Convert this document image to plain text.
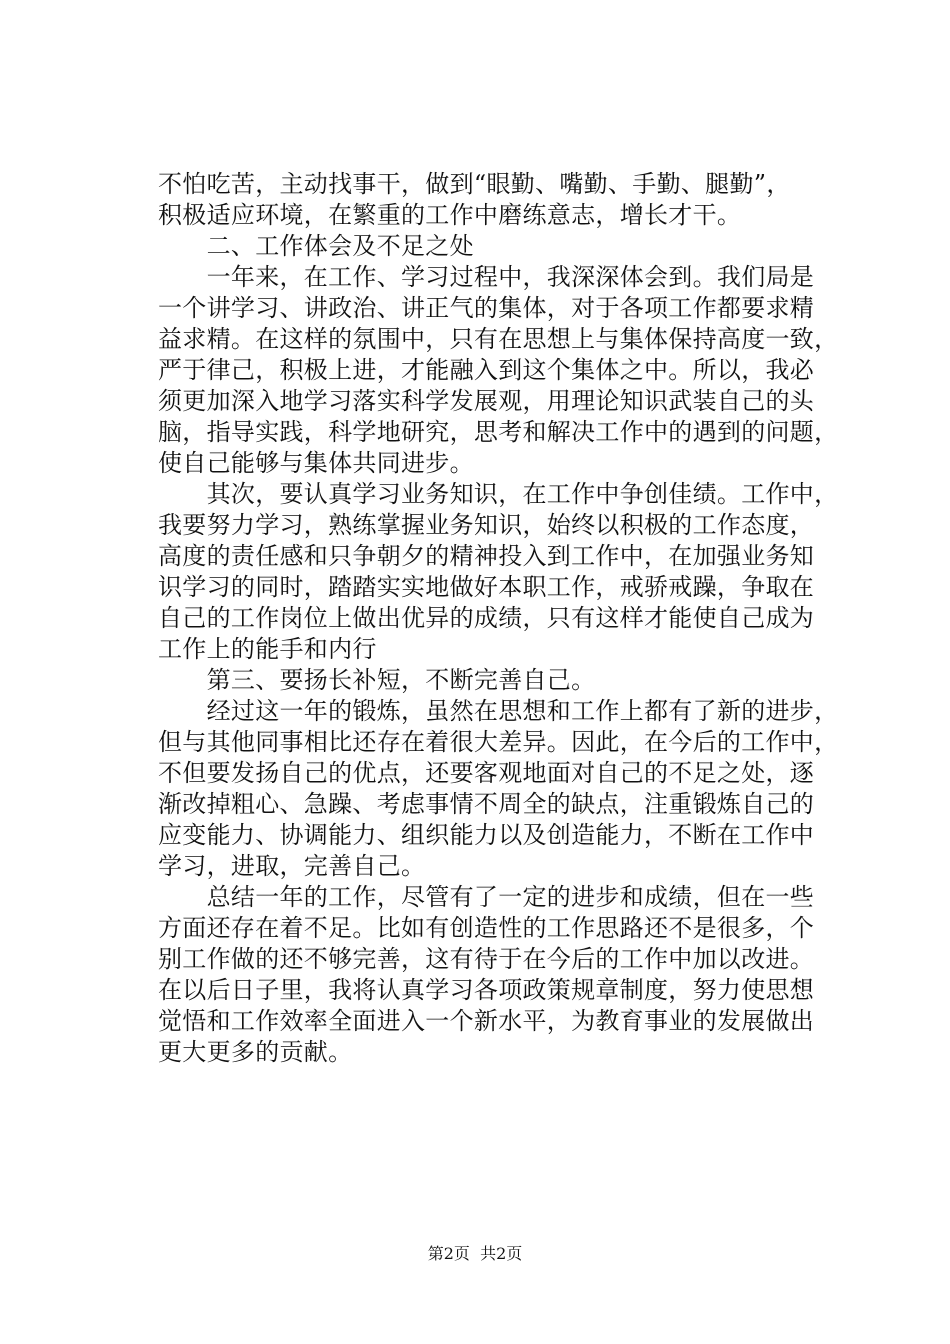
不怕吃苦，主动找事干，做到“眼勤、嘴勤、手勤、腿勤”，
积极适应环境，在繁重的工作中磨练意志，增长才干。
　　二、工作体会及不足之处
　　一年来，在工作、学习过程中，我深深体会到。我们局是
一个讲学习、讲政治、讲正气的集体，对于各项工作都要求精
益求精。在这样的氛围中，只有在思想上与集体保持高度一致，
严于律己，积极上进，才能融入到这个集体之中。所以，我必
须更加深入地学习落实科学发展观，用理论知识武装自己的头
脑，指导实践，科学地研究，思考和解决工作中的遇到的问题，
使自己能够与集体共同进步。
　　其次，要认真学习业务知识，在工作中争创佳绩。工作中，
我要努力学习，熟练掌握业务知识，始终以积极的工作态度，
高度的责任感和只争朝夕的精神投入到工作中，在加强业务知
识学习的同时，踏踏实实地做好本职工作，戒骄戒躁，争取在
自己的工作岗位上做出优异的成绩，只有这样才能使自己成为
工作上的能手和内行
　　第三、要扬长补短，不断完善自己。
　　经过这一年的锻炼，虽然在思想和工作上都有了新的进步，
但与其他同事相比还存在着很大差异。因此，在今后的工作中，
不但要发扬自己的优点，还要客观地面对自己的不足之处，逐
渐改掉粗心、急躁、考虑事情不周全的缺点，注重锻炼自己的
应变能力、协调能力、组织能力以及创造能力，不断在工作中
学习，进取，完善自己。
　　总结一年的工作，尽管有了一定的进步和成绩，但在一些
方面还存在着不足。比如有创造性的工作思路还不是很多，个
别工作做的还不够完善，这有待于在今后的工作中加以改进。
在以后日子里，我将认真学习各项政策规章制度，努力使思想
觉悟和工作效率全面进入一个新水平，为教育事业的发展做出
更大更多的贡献。
第2页  共2页
